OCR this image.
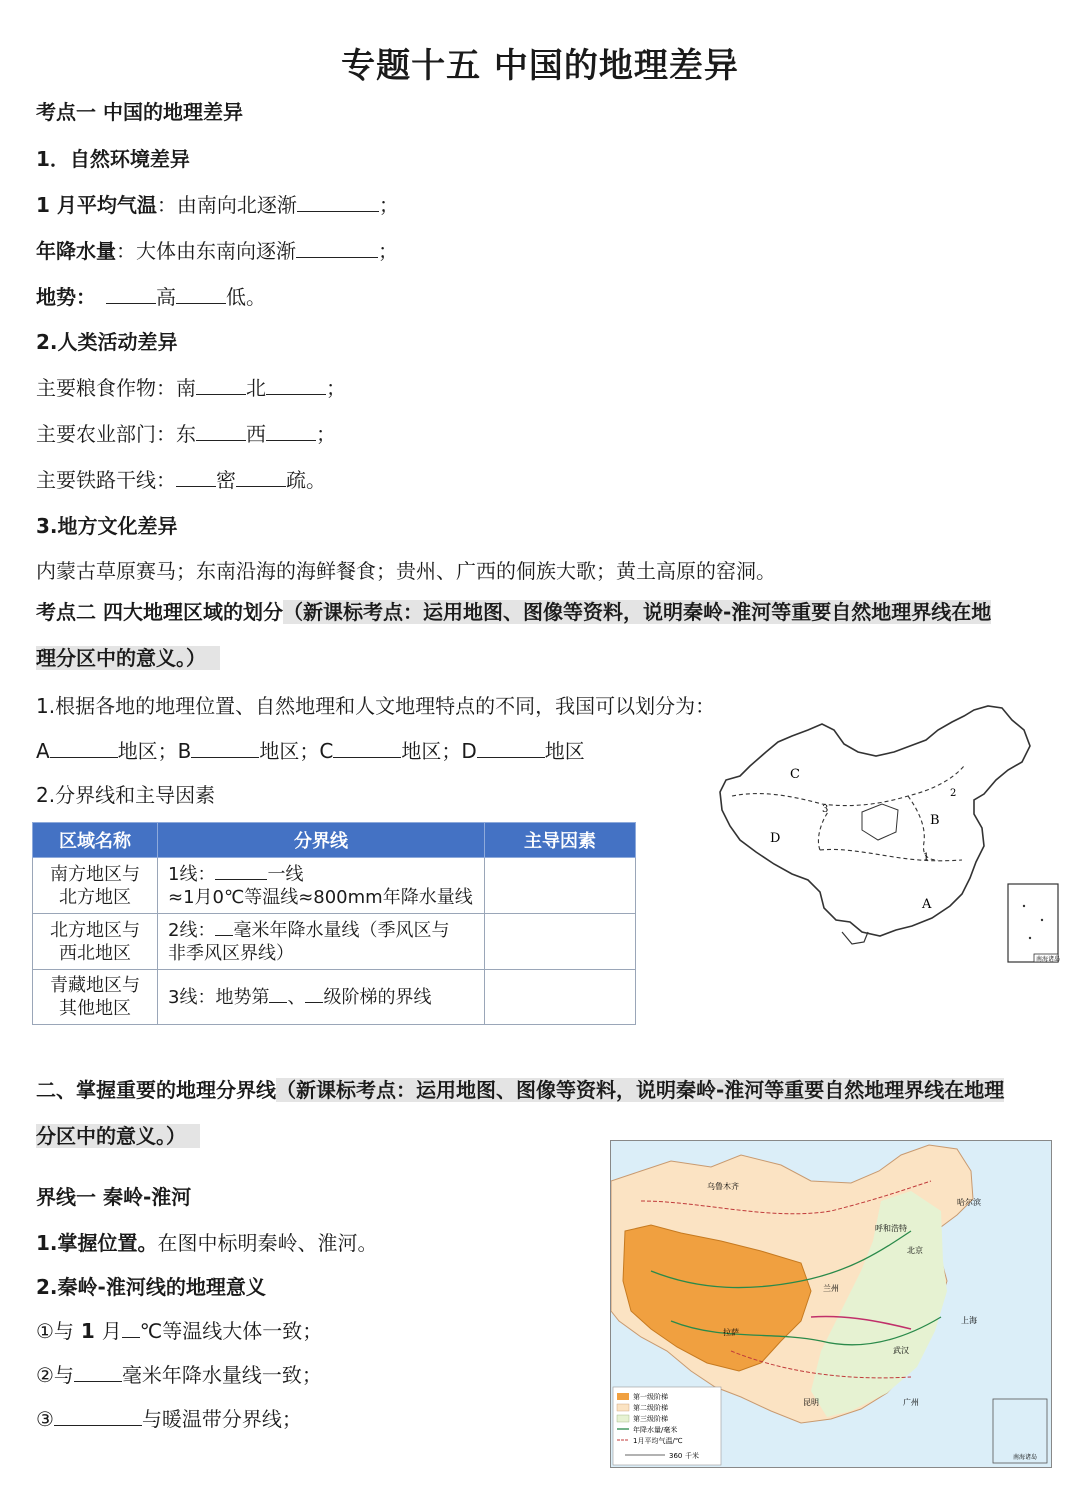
专题十五 中国的地理差异
考点一 中国的地理差异
1．自然环境差异
1 月平均气温：由南向北逐渐	；
年降水量：大体由东南向逐渐	；
地势：	高	低。
2.人类活动差异
主要粮食作物：南	北	；
主要农业部门：东	西	；
主要铁路干线： 密	疏。
3.地方文化差异
内蒙古草原赛马；东南沿海的海鲜餐食；贵州、广西的侗族大歌；黄土高原的窑洞。
考点二 四大地理区域的划分（新课标考点：运用地图、图像等资料，说明秦岭-淮河等重要自然地理界线在地
理分区中的意义。）
1.根据各地的地理位置、自然地理和人文地理特点的不同，我国可以划分为：
A	地区；B	地区；C	地区；D	地区
2.分界线和主导因素
区域名称	分界线	主导因素
南方地区与
北方地区	1线： 一线
≈1月0℃等温线≈800mm年降水量线	
北方地区与
西北地区	2线： 毫米年降水量线（季风区与
非季风区界线）	
青藏地区与
其他地区	3线：地势第 、 级阶梯的界线	
C
B
D
A
1
2
3
南海诸岛
二、掌握重要的地理分界线（新课标考点：运用地图、图像等资料，说明秦岭-淮河等重要自然地理界线在地理
分区中的意义。）
界线一 秦岭-淮河
1.掌握位置。在图中标明秦岭、淮河。
2.秦岭-淮河线的地理意义
①与 1 月 ℃等温线大体一致；
②与 毫米年降水量线一致；
③	与暖温带分界线；
乌鲁木齐
哈尔滨
呼和浩特
北京
兰州
拉萨
武汉
上海
昆明	广州
第一级阶梯
第二级阶梯
第三级阶梯
年降水量/毫米
1月平均气温/℃
360 千米	南海诸岛
